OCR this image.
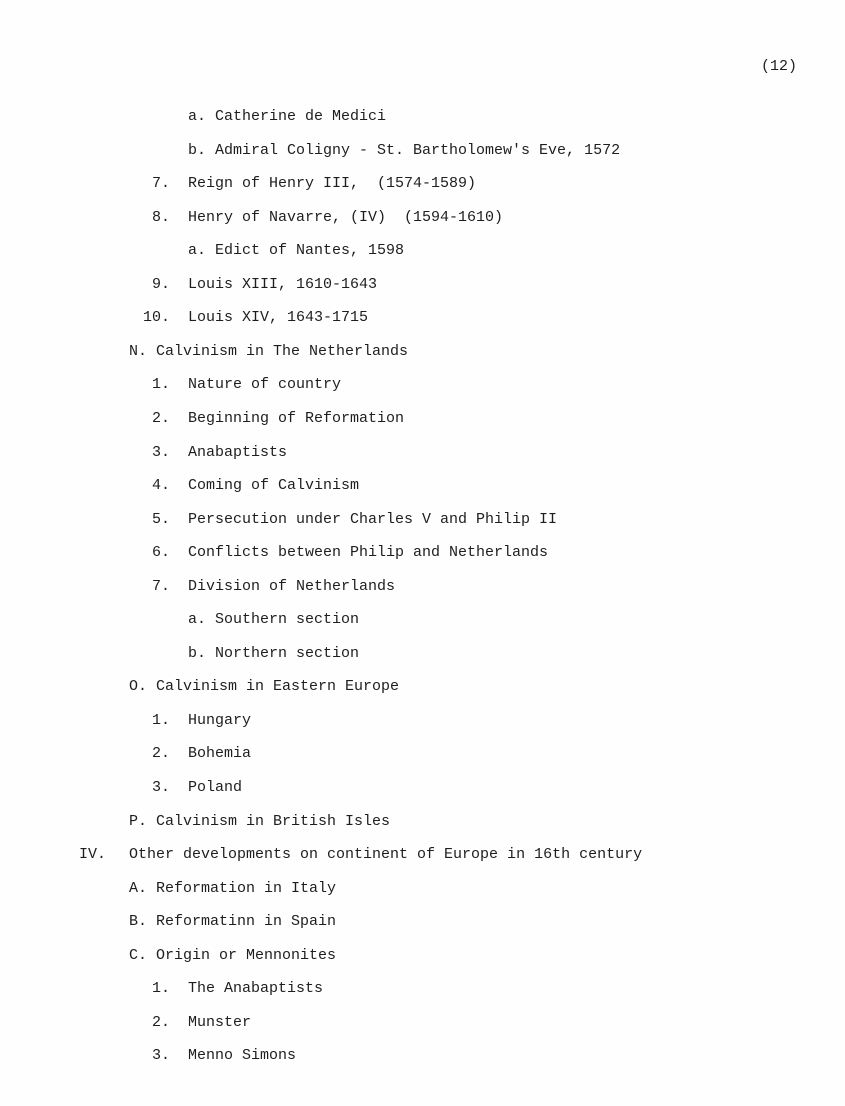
(12)
a. Catherine de Medici
b. Admiral Coligny - St. Bartholomew's Eve, 1572
7. Reign of Henry III,  (1574-1589)
8. Henry of Navarre, (IV)  (1594-1610)
a. Edict of Nantes, 1598
9. Louis XIII, 1610-1643
10. Louis XIV, 1643-1715
N. Calvinism in The Netherlands
1. Nature of country
2. Beginning of Reformation
3. Anabaptists
4. Coming of Calvinism
5. Persecution under Charles V and Philip II
6. Conflicts between Philip and Netherlands
7. Division of Netherlands
a. Southern section
b. Northern section
O. Calvinism in Eastern Europe
1. Hungary
2. Bohemia
3. Poland
P. Calvinism in British Isles
IV. Other developments on continent of Europe in 16th century
A. Reformation in Italy
B. Reformatinn in Spain
C. Origin or Mennonites
1. The Anabaptists
2. Munster
3. Menno Simons
